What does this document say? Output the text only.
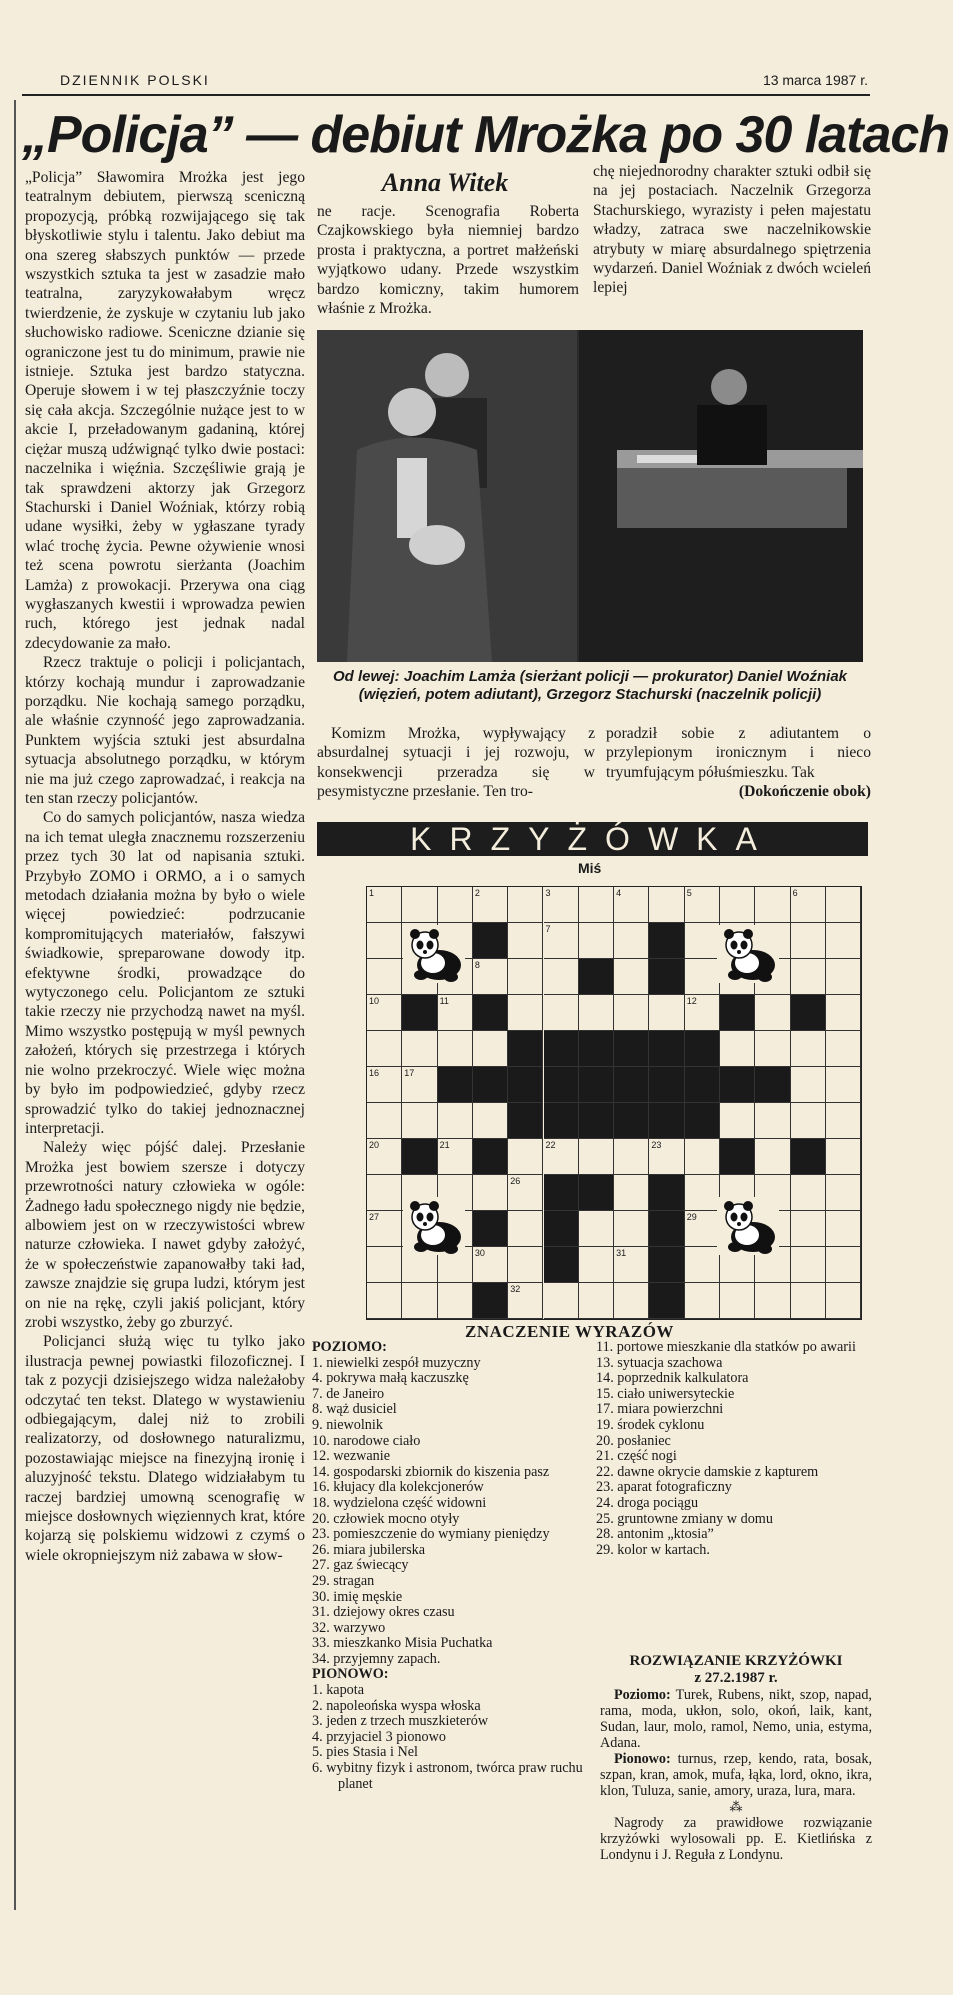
DZIENNIK POLSKI	13 marca 1987 r.
„Policja” — debiut Mrożka po 30 latach

„Policja” Sławomira Mrożka jest jego teatralnym debiutem, pierwszą sceniczną propozycją, próbką rozwijającego się tak błyskotliwie stylu i talentu. Jako debiut ma ona szereg słabszych punktów — przede wszystkich sztuka ta jest w zasadzie mało teatralna, zaryzykowałabym wręcz twierdzenie, że zyskuje w czytaniu lub jako słuchowisko radiowe. Sceniczne dzianie się ograniczone jest tu do minimum, prawie nie istnieje. Sztuka jest bardzo statyczna. Operuje słowem i w tej płaszczyźnie toczy się cała akcja. Szczególnie nużące jest to w akcie I, przeładowanym gadaniną, której ciężar muszą udźwignąć tylko dwie postaci: naczelnika i więźnia. Szczęśliwie grają je tak sprawdzeni aktorzy jak Grzegorz Stachurski i Daniel Woźniak, którzy robią udane wysiłki, żeby w ygłaszane tyrady wlać trochę życia. Pewne ożywienie wnosi też scena powrotu sierżanta (Joachim Lamża) z prowokacji. Przerywa ona ciąg wygłaszanych kwestii i wprowadza pewien ruch, którego jest jednak nadal zdecydowanie za mało.

Rzecz traktuje o policji i policjantach, którzy kochają mundur i zaprowadzanie porządku. Nie kochają samego porządku, ale właśnie czynność jego zaprowadzania. Punktem wyjścia sztuki jest absurdalna sytuacja absolutnego porządku, w którym nie ma już czego zaprowadzać, i reakcja na ten stan rzeczy policjantów.

Co do samych policjantów, nasza wiedza na ich temat uległa znacznemu rozszerzeniu przez tych 30 lat od napisania sztuki. Przybyło ZOMO i ORMO, a i o samych metodach działania można by było o wiele więcej powiedzieć: podrzucanie kompromitujących materiałów, fałszywi świadkowie, spreparowane dowody itp. efektywne środki, prowadzące do wytyczonego celu. Policjantom ze sztuki takie rzeczy nie przychodzą nawet na myśl. Mimo wszystko postępują w myśl pewnych założeń, których się przestrzega i których nie wolno przekroczyć. Wiele więc można by było im podpowiedzieć, gdyby rzecz sprowadzić tylko do takiej jednoznacznej interpretacji.

Należy więc pójść dalej. Przesłanie Mrożka jest bowiem szersze i dotyczy przewrotności natury człowieka w ogóle: Żadnego ładu społecznego nigdy nie będzie, albowiem jest on w rzeczywistości wbrew naturze człowieka. I nawet gdyby założyć, że w społeczeństwie zapanowałby taki ład, zawsze znajdzie się grupa ludzi, którym jest on nie na rękę, czyli jakiś policjant, który zrobi wszystko, żeby go zburzyć.

Policjanci służą więc tu tylko jako ilustracja pewnej powiastki filozoficznej. I tak z pozycji dzisiejszego widza należałoby odczytać ten tekst. Dlatego w wystawieniu odbiegającym, dalej niż to zrobili realizatorzy, od dosłownego naturalizmu, pozostawiając miejsce na finezyjną ironię i aluzyjność tekstu. Dlatego widziałabym tu raczej bardziej umowną scenografię w miejsce dosłownych więziennych krat, które kojarzą się polskiemu widzowi z czymś o wiele okropniejszym niż zabawa w słow-

Anna Witek

ne racje. Scenografia Roberta Czajkowskiego była niemniej bardzo prosta i praktyczna, a portret małżeński wyjątkowo udany. Przede wszystkim bardzo komiczny, takim humorem właśnie z Mrożka.

chę niejednorodny charakter sztuki odbił się na jej postaciach. Naczelnik Grzegorza Stachurskiego, wyrazisty i pełen majestatu władzy, zatraca swe naczelnikowskie atrybuty w miarę absurdalnego spiętrzenia wydarzeń. Daniel Woźniak z dwóch wcieleń lepiej

Od lewej: Joachim Lamża (sierżant policji — prokurator) Daniel Woźniak (więzień, potem adiutant), Grzegorz Stachurski (naczelnik policji)

Komizm Mrożka, wypływający z absurdalnej sytuacji i jej rozwoju, w konsekwencji przeradza się w pesymistyczne przesłanie. Ten tro-

poradził sobie z adiutantem o przylepionym ironicznym i nieco tryumfującym półuśmieszku. Tak

(Dokończenie obok)
KRZYŻÓWKA
Miś
1	2	3	4	5	6
7
8
10	11	12
16	17
20	21	22	23
26
27	29
30	31
32
ZNACZENIE WYRAZÓW
POZIOMO:
1. niewielki zespół muzyczny
4. pokrywa małą kaczuszkę
7. de Janeiro
8. wąż dusiciel
9. niewolnik
10. narodowe ciało
12. wezwanie
14. gospodarski zbiornik do kiszenia pasz
16. kłujacy dla kolekcjonerów
18. wydzielona część widowni
20. człowiek mocno otyły
23. pomieszczenie do wymiany pieniędzy
26. miara jubilerska
27. gaz świecący
29. stragan
30. imię męskie
31. dziejowy okres czasu
32. warzywo
33. mieszkanko Misia Puchatka
34. przyjemny zapach.
PIONOWO:
1. kapota
2. napoleońska wyspa włoska
3. jeden z trzech muszkieterów
4. przyjaciel 3 pionowo
5. pies Stasia i Nel
6. wybitny fizyk i astronom, twórca praw ruchu planet
11. portowe mieszkanie dla statków po awarii
13. sytuacja szachowa
14. poprzednik kalkulatora
15. ciało uniwersyteckie
17. miara powierzchni
19. środek cyklonu
20. posłaniec
21. część nogi
22. dawne okrycie damskie z kapturem
23. aparat fotograficzny
24. droga pociągu
25. gruntowne zmiany w domu
28. antonim „ktosia”
29. kolor w kartach.
ROZWIĄZANIE KRZYŻÓWKI
z 27.2.1987 r.

Poziomo: Turek, Rubens, nikt, szop, napad, rama, moda, ukłon, solo, okoń, laik, kant, Sudan, laur, molo, ramol, Nemo, unia, estyma, Adana.

Pionowo: turnus, rzep, kendo, rata, bosak, szpan, kran, amok, mufa, łąka, lord, okno, ikra, klon, Tuluza, sanie, amory, uraza, lura, mara.

⁂

Nagrody za prawidłowe rozwiązanie krzyżówki wylosowali pp. E. Kietlińska z Londynu i J. Reguła z Londynu.
